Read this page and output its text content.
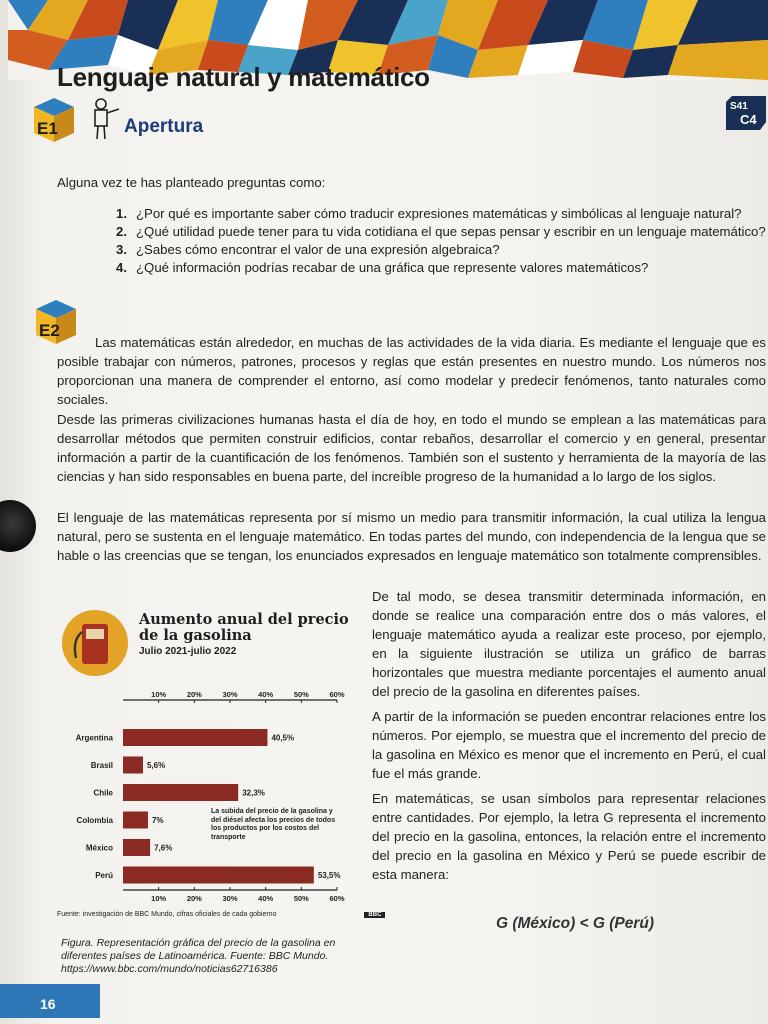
Lenguaje natural y matemático
E1	Apertura
S41
C4
Alguna vez te has planteado preguntas como:
1. ¿Por qué es importante saber cómo traducir expresiones matemáticas y simbólicas al lenguaje natural?
2. ¿Qué utilidad puede tener para tu vida cotidiana el que sepas pensar y escribir en un lenguaje matemático?
3. ¿Sabes cómo encontrar el valor de una expresión algebraica?
4. ¿Qué información podrías recabar de una gráfica que represente valores matemáticos?
E2
Las matemáticas están alrededor, en muchas de las actividades de la vida diaria. Es mediante el lenguaje que es posible trabajar con números, patrones, procesos y reglas que están presentes en nuestro mundo. Los números nos proporcionan una manera de comprender el entorno, así como modelar y predecir fenómenos, tanto naturales como sociales.
Desde las primeras civilizaciones humanas hasta el día de hoy, en todo el mundo se emplean a las matemáticas para desarrollar métodos que permiten construir edificios, contar rebaños, desarrollar el comercio y en general, presentar información a partir de la cuantificación de los fenómenos. También son el sustento y herramienta de la mayoría de las ciencias y han sido responsables en buena parte, del increíble progreso de la humanidad a lo largo de los siglos.
El lenguaje de las matemáticas representa por sí mismo un medio para transmitir información, la cual utiliza la lengua natural, pero se sustenta en el lenguaje matemático. En todas partes del mundo, con independencia de la lengua que se hable o las creencias que se tengan, los enunciados expresados en lenguaje matemático son totalmente comprensibles.
Aumento anual del precio de la gasolina
Julio 2021-julio 2022
10%	20%	30%	40%	50%	60%
Argentina	40,5%
Brasil	5,6%
Chile	32,3%
Colombia	7%
México	7,6%
Perú	53,5%
10%	20%	30%	40%	50%	60%
La subida del precio de la gasolina y del diésel afecta los precios de todos los productos por los costos del transporte
Fuente: investigación de BBC Mundo, cifras oficiales de cada gobierno	BBC
Figura. Representación gráfica del precio de la gasolina en diferentes países de Latinoamérica. Fuente: BBC Mundo. https://www.bbc.com/mundo/noticias62716386
De tal modo, se desea transmitir determinada información, en donde se realice una comparación entre dos o más valores, el lenguaje matemático ayuda a realizar este proceso, por ejemplo, en la siguiente ilustración se utiliza un gráfico de barras horizontales que muestra mediante porcentajes el aumento anual del precio de la gasolina en diferentes países.
A partir de la información se pueden encontrar relaciones entre los números. Por ejemplo, se muestra que el incremento del precio de la gasolina en México es menor que el incremento en Perú, el cual fue el más grande.
En matemáticas, se usan símbolos para representar relaciones entre cantidades. Por ejemplo, la letra G representa el incremento del precio en la gasolina, entonces, la relación entre el incremento del precio en la gasolina en México y Perú se puede escribir de esta manera:
G (México) < G (Perú)
16
